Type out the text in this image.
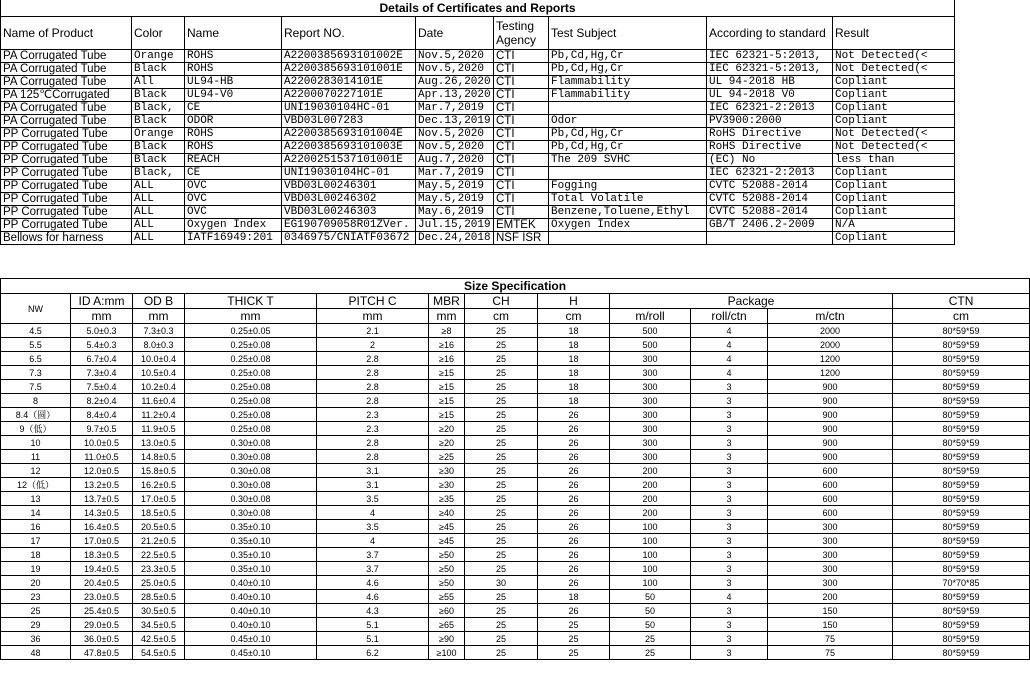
Details of Certificates and Reports								
Name of Product	Color	Name	Report NO.	Date	Testing Agency	Test Subject	According to standard	Result
PA Corrugated Tube	Orange	ROHS	A2200385693101002E	Nov.5,2020	CTI	Pb,Cd,Hg,Cr	IEC 62321-5:2013,	Not Detected(<
PA Corrugated Tube	Black	ROHS	A2200385693101001E	Nov.5,2020	CTI	Pb,Cd,Hg,Cr	IEC 62321-5:2013,	Not Detected(<
PA Corrugated Tube	All	UL94-HB	A2200283014101E	Aug.26,2020	CTI	Flammability	UL 94-2018 HB	Copliant
PA 125℃Corrugated	Black	UL94-V0	A2200070227101E	Apr.13,2020	CTI	Flammability	UL 94-2018 V0	Copliant
PA Corrugated Tube	Black,	CE	UNI19030104HC-01	Mar.7,2019	CTI		IEC 62321-2:2013	Copliant
PA Corrugated Tube	Black	ODOR	VBD03L007283	Dec.13,2019	CTI	Odor	PV3900:2000	Copliant
PP Corrugated Tube	Orange	ROHS	A2200385693101004E	Nov.5,2020	CTI	Pb,Cd,Hg,Cr	RoHS Directive	Not Detected(<
PP Corrugated Tube	Black	ROHS	A2200385693101003E	Nov.5,2020	CTI	Pb,Cd,Hg,Cr	RoHS Directive	Not Detected(<
PP Corrugated Tube	Black	REACH	A2200251537101001E	Aug.7,2020	CTI	The 209 SVHC	(EC) No	less than
PP Corrugated Tube	Black,	CE	UNI19030104HC-01	Mar.7,2019	CTI		IEC 62321-2:2013	Copliant
PP Corrugated Tube	ALL	OVC	VBD03L00246301	May.5,2019	CTI	Fogging	CVTC 52088-2014	Copliant
PP Corrugated Tube	ALL	OVC	VBD03L00246302	May.5,2019	CTI	Total Volatile	CVTC 52088-2014	Copliant
PP Corrugated Tube	ALL	OVC	VBD03L00246303	May.6,2019	CTI	Benzene,Toluene,Ethyl	CVTC 52088-2014	Copliant
PP Corrugated Tube	ALL	Oxygen Index	EG190709058R01ZVer.	Jul.15,2019	EMTEK	Oxygen Index	GB/T 2406.2-2009	N/A
Bellows for harness	ALL	IATF16949:201	0346975/CNIATF03672	Dec.24,2018	NSF ISR			Copliant
Size Specification											
NW	ID A:mm	OD B	THICK T	PITCH C	MBR	CH	H	Package			CTN
	mm	mm	mm	mm	mm	cm	cm	m/roll	roll/ctn	m/ctn	cm
4.5	5.0±0.3	7.3±0.3	0.25±0.05	2.1	≥8	25	18	500	4	2000	80*59*59
5.5	5.4±0.3	8.0±0.3	0.25±0.08	2	≥16	25	18	500	4	2000	80*59*59
6.5	6.7±0.4	10.0±0.4	0.25±0.08	2.8	≥16	25	18	300	4	1200	80*59*59
7.3	7.3±0.4	10.5±0.4	0.25±0.08	2.8	≥15	25	18	300	4	1200	80*59*59
7.5	7.5±0.4	10.2±0.4	0.25±0.08	2.8	≥15	25	18	300	3	900	80*59*59
8	8.2±0.4	11.6±0.4	0.25±0.08	2.8	≥15	25	18	300	3	900	80*59*59
8.4（圆）	8.4±0.4	11.2±0.4	0.25±0.08	2.3	≥15	25	26	300	3	900	80*59*59
9（低）	9.7±0.5	11.9±0.5	0.25±0.08	2.3	≥20	25	26	300	3	900	80*59*59
10	10.0±0.5	13.0±0.5	0.30±0.08	2.8	≥20	25	26	300	3	900	80*59*59
11	11.0±0.5	14.8±0.5	0.30±0.08	2.8	≥25	25	26	300	3	900	80*59*59
12	12.0±0.5	15.8±0.5	0.30±0.08	3.1	≥30	25	26	200	3	600	80*59*59
12（低）	13.2±0.5	16.2±0.5	0.30±0.08	3.1	≥30	25	26	200	3	600	80*59*59
13	13.7±0.5	17.0±0.5	0.30±0.08	3.5	≥35	25	26	200	3	600	80*59*59
14	14.3±0.5	18.5±0.5	0.30±0.08	4	≥40	25	26	200	3	600	80*59*59
16	16.4±0.5	20.5±0.5	0.35±0.10	3.5	≥45	25	26	100	3	300	80*59*59
17	17.0±0.5	21.2±0.5	0.35±0.10	4	≥45	25	26	100	3	300	80*59*59
18	18.3±0.5	22.5±0.5	0.35±0.10	3.7	≥50	25	26	100	3	300	80*59*59
19	19.4±0.5	23.3±0.5	0.35±0.10	3.7	≥50	25	26	100	3	300	80*59*59
20	20.4±0.5	25.0±0.5	0.40±0.10	4.6	≥50	30	26	100	3	300	70*70*85
23	23.0±0.5	28.5±0.5	0.40±0.10	4.6	≥55	25	18	50	4	200	80*59*59
25	25.4±0.5	30.5±0.5	0.40±0.10	4.3	≥60	25	26	50	3	150	80*59*59
29	29.0±0.5	34.5±0.5	0.40±0.10	5.1	≥65	25	25	50	3	150	80*59*59
36	36.0±0.5	42.5±0.5	0.45±0.10	5.1	≥90	25	25	25	3	75	80*59*59
48	47.8±0.5	54.5±0.5	0.45±0.10	6.2	≥100	25	25	25	3	75	80*59*59
